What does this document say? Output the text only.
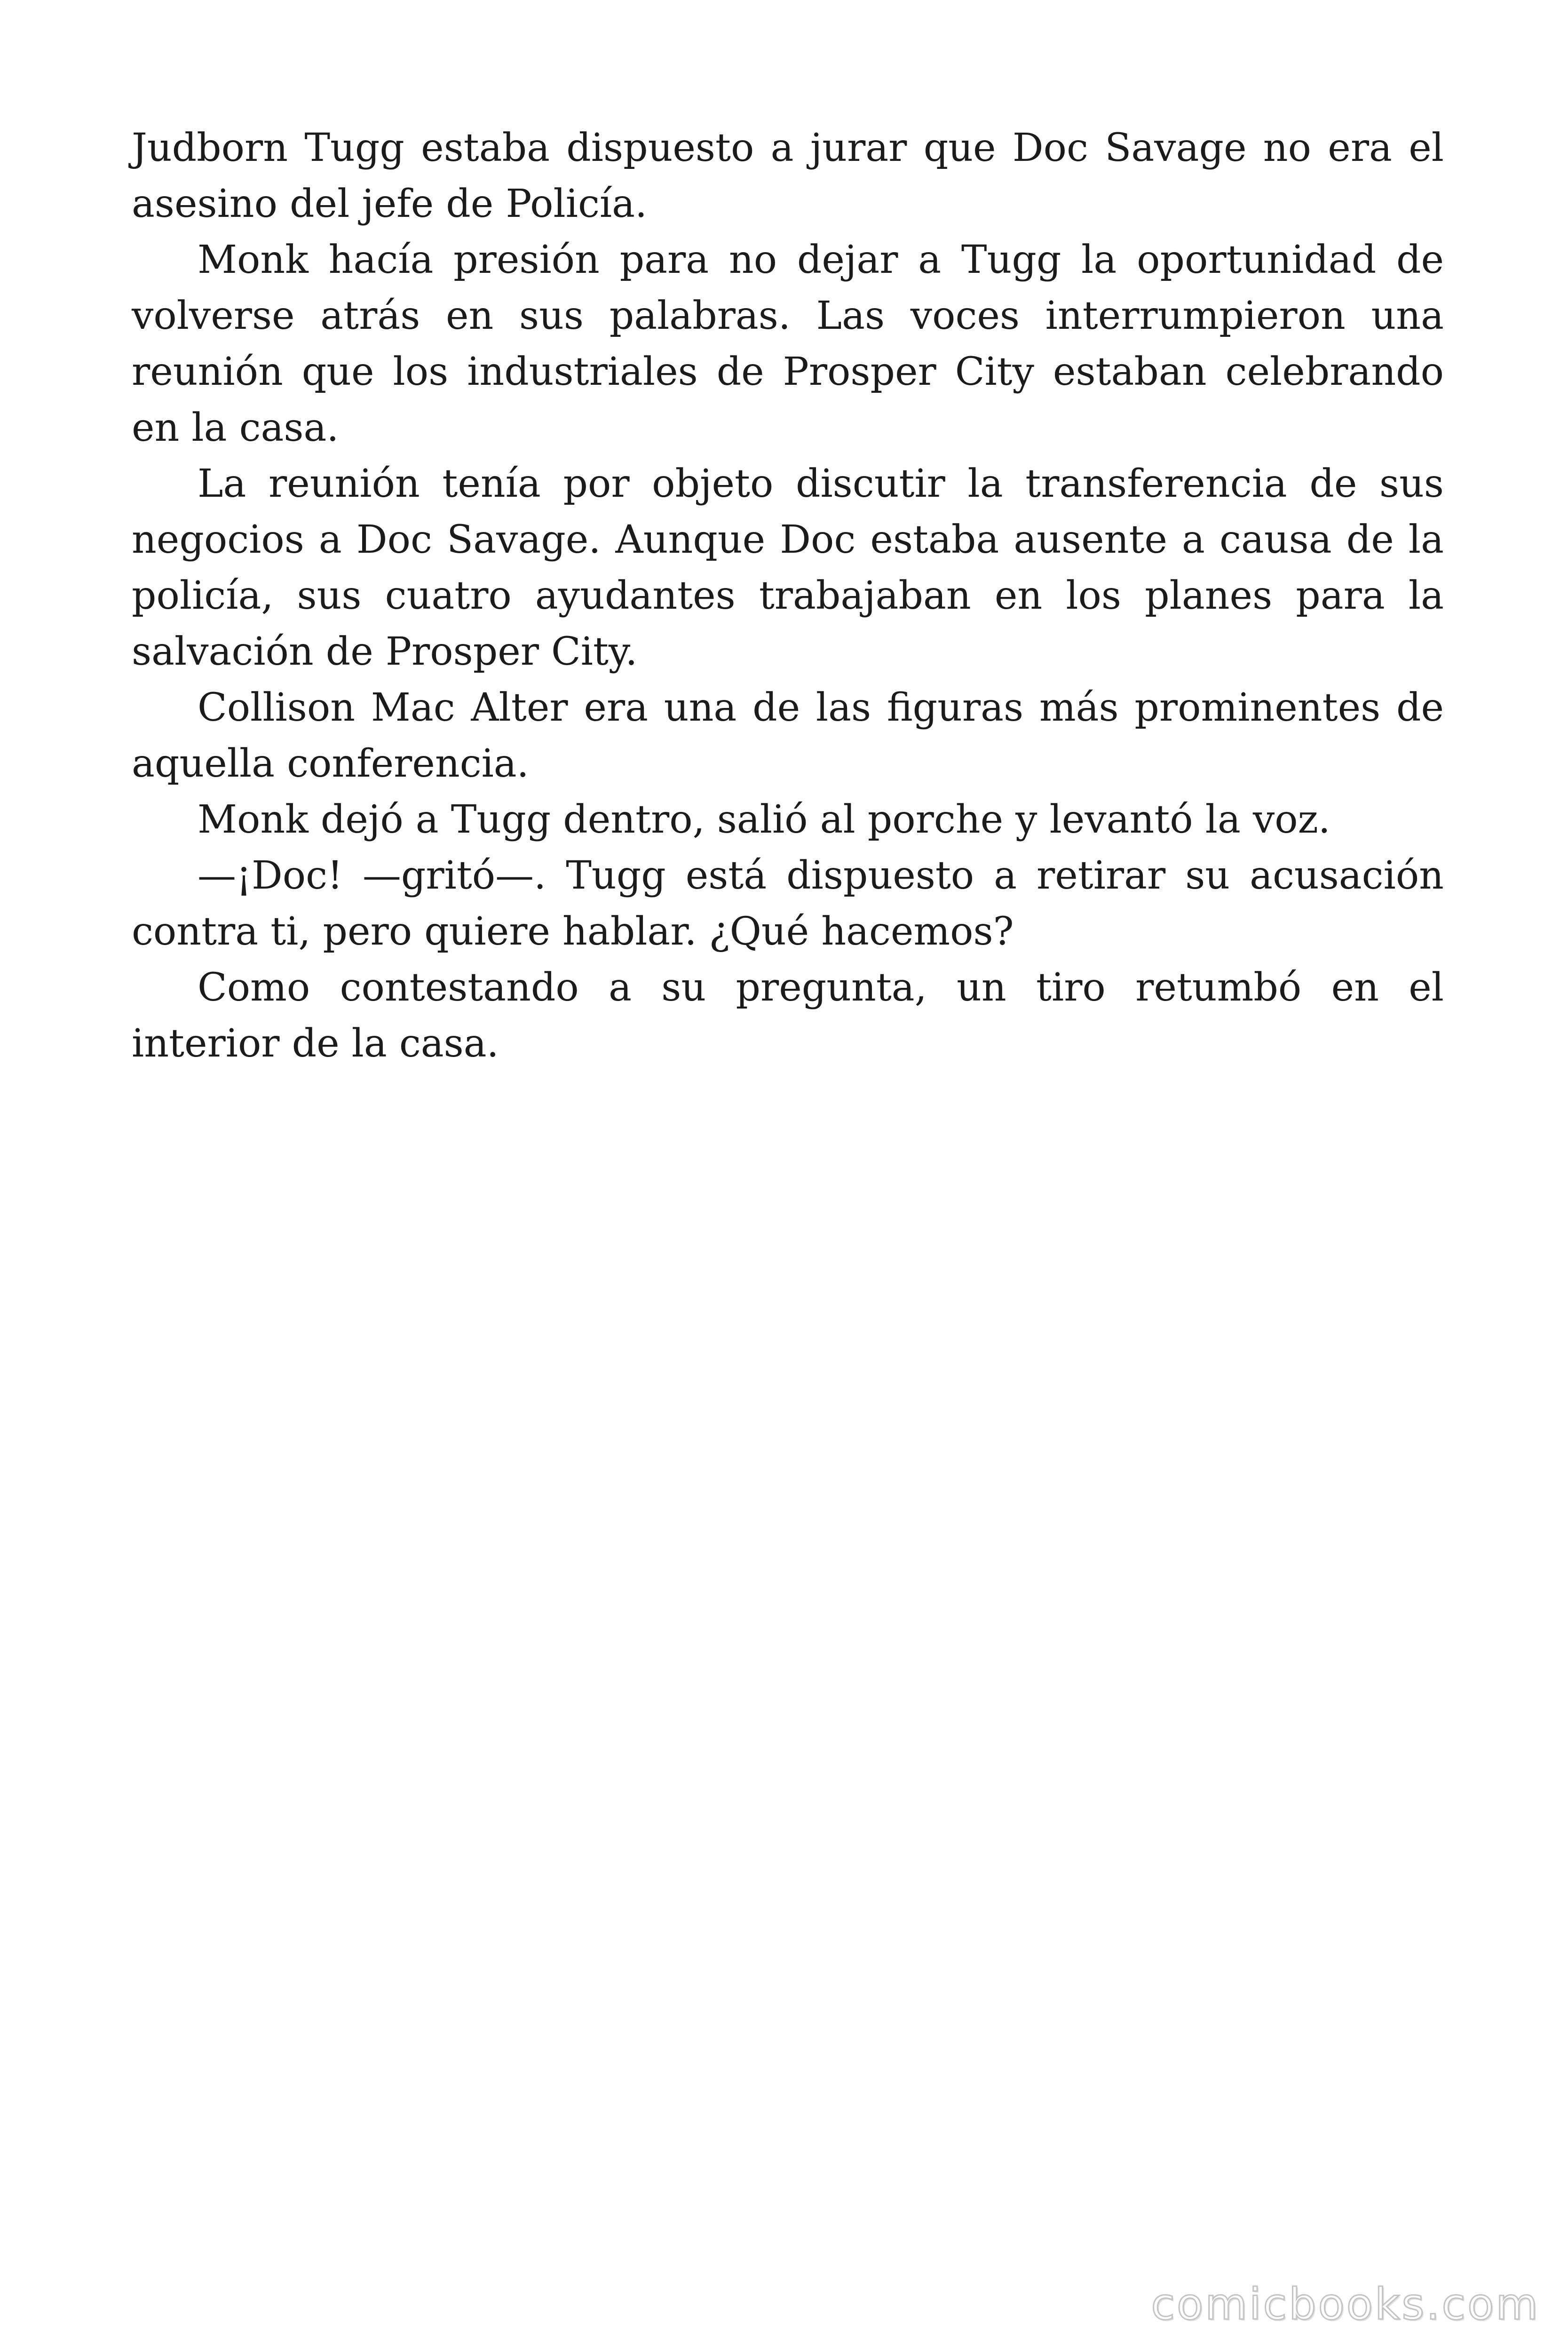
Judborn Tugg estaba dispuesto a jurar que Doc Savage no era el asesino del jefe de Policía.

Monk hacía presión para no dejar a Tugg la oportunidad de volverse atrás en sus palabras. Las voces interrumpieron una reunión que los industriales de Prosper City estaban celebrando en la casa.

La reunión tenía por objeto discutir la transferencia de sus negocios a Doc Savage. Aunque Doc estaba ausente a causa de la policía, sus cuatro ayudantes trabajaban en los planes para la salvación de Prosper City.

Collison Mac Alter era una de las figuras más prominentes de aquella conferencia.

Monk dejó a Tugg dentro, salió al porche y levantó la voz.

—¡Doc! —gritó—. Tugg está dispuesto a retirar su acusación contra ti, pero quiere hablar. ¿Qué hacemos?

Como contestando a su pregunta, un tiro retumbó en el interior de la casa.

comicbooks.com
